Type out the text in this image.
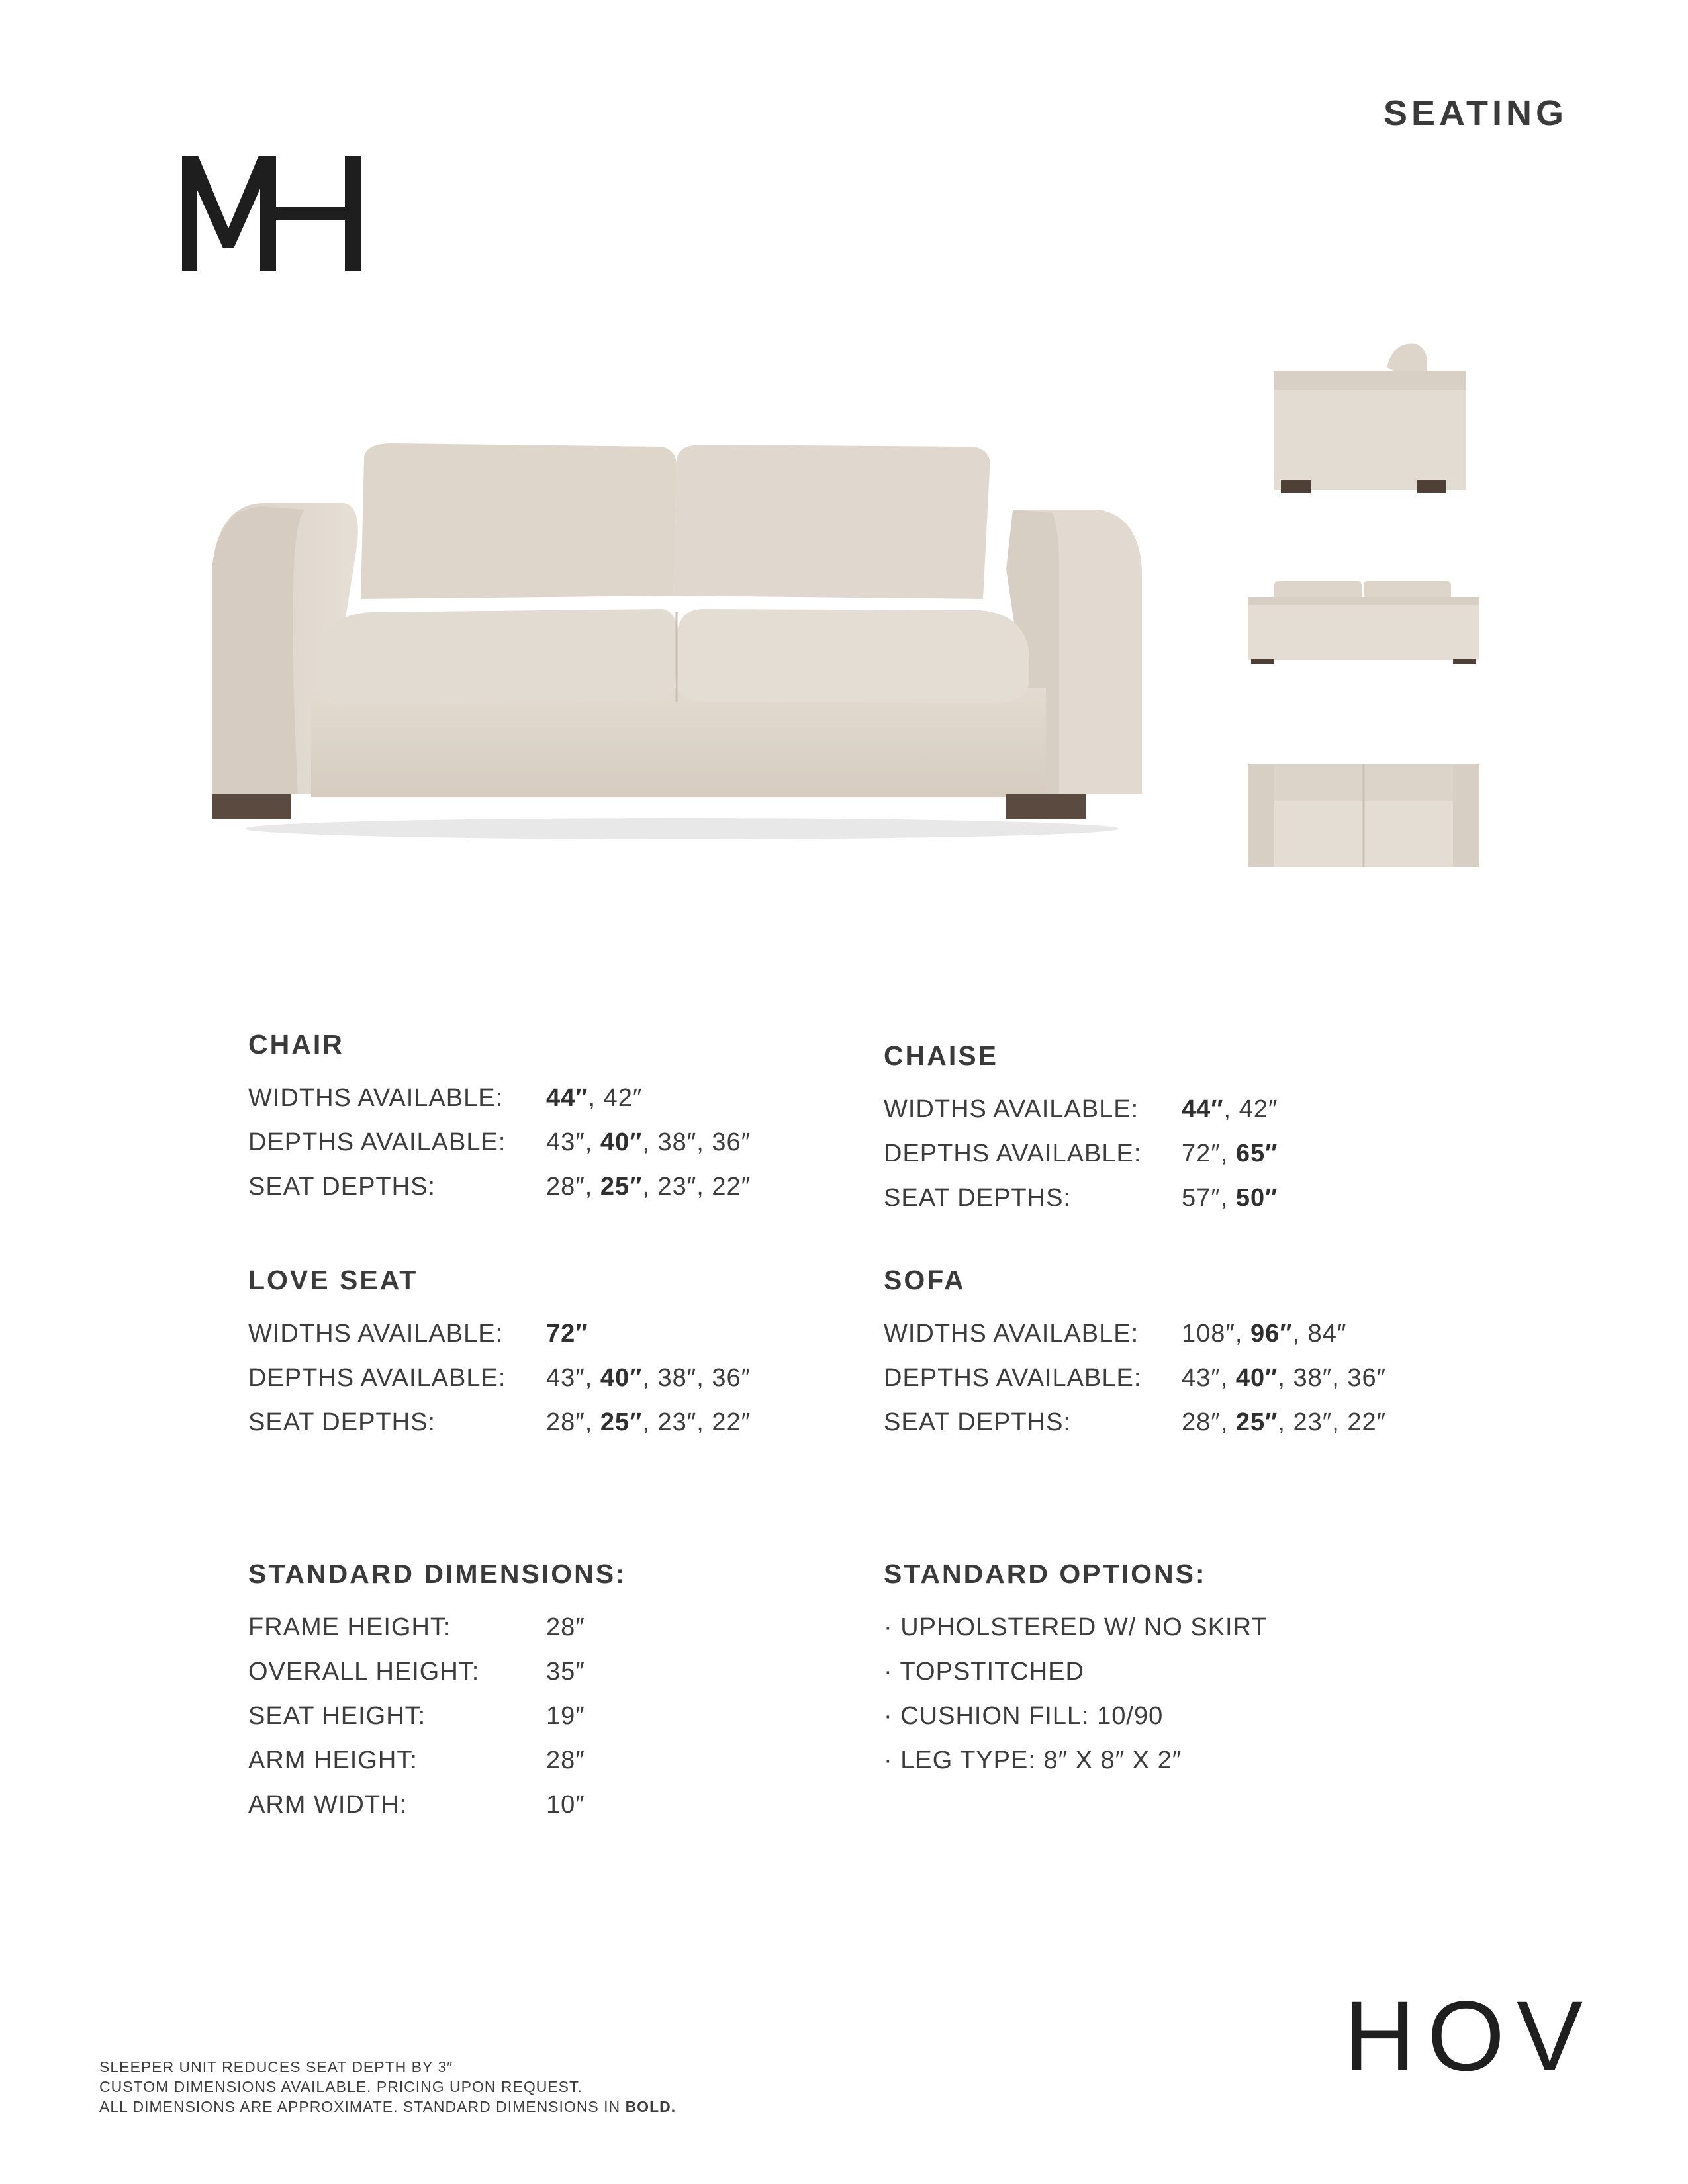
SEATING
CHAIR
WIDTHS AVAILABLE:	44″, 42″
DEPTHS AVAILABLE:	43″, 40″, 38″, 36″
SEAT DEPTHS:	28″, 25″, 23″, 22″
CHAISE
WIDTHS AVAILABLE:	44″, 42″
DEPTHS AVAILABLE:	72″, 65″
SEAT DEPTHS:	57″, 50″
LOVE SEAT
WIDTHS AVAILABLE:	72″
DEPTHS AVAILABLE:	43″, 40″, 38″, 36″
SEAT DEPTHS:	28″, 25″, 23″, 22″
SOFA
WIDTHS AVAILABLE:	108″, 96″, 84″
DEPTHS AVAILABLE:	43″, 40″, 38″, 36″
SEAT DEPTHS:	28″, 25″, 23″, 22″
STANDARD DIMENSIONS:
FRAME HEIGHT:	28″
OVERALL HEIGHT:	35″
SEAT HEIGHT:	19″
ARM HEIGHT:	28″
ARM WIDTH:	10″
STANDARD OPTIONS:
· UPHOLSTERED W/ NO SKIRT
· TOPSTITCHED
· CUSHION FILL: 10/90
· LEG TYPE: 8″ X 8″ X 2″
SLEEPER UNIT REDUCES SEAT DEPTH BY 3″
CUSTOM DIMENSIONS AVAILABLE. PRICING UPON REQUEST.
ALL DIMENSIONS ARE APPROXIMATE. STANDARD DIMENSIONS IN BOLD.
HOV
